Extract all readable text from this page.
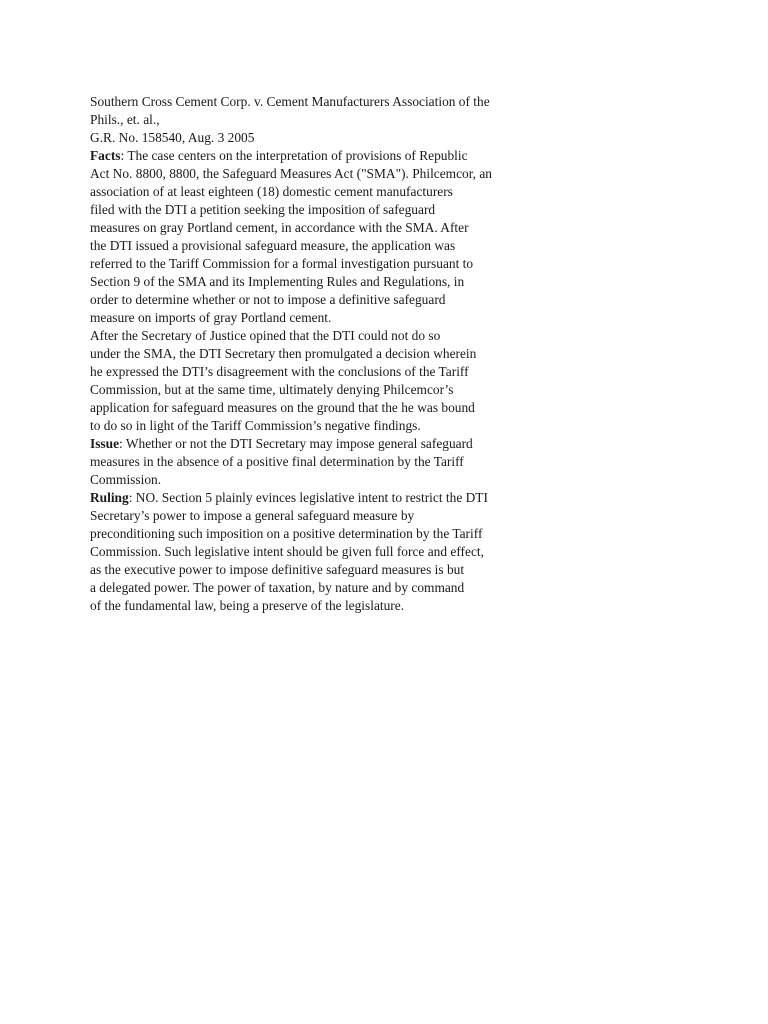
Southern Cross Cement Corp. v. Cement Manufacturers Association of the
Phils., et. al.,
G.R. No. 158540, Aug. 3 2005
Facts: The case centers on the interpretation of provisions of Republic
Act No. 8800, 8800, the Safeguard Measures Act ("SMA"). Philcemcor, an
association of at least eighteen (18) domestic cement manufacturers
filed with the DTI a petition seeking the imposition of safeguard
measures on gray Portland cement, in accordance with the SMA. After
the DTI issued a provisional safeguard measure, the application was
referred to the Tariff Commission for a formal investigation pursuant to
Section 9 of the SMA and its Implementing Rules and Regulations, in
order to determine whether or not to impose a definitive safeguard
measure on imports of gray Portland cement.
After the Secretary of Justice opined that the DTI could not do so
under the SMA, the DTI Secretary then promulgated a decision wherein
he expressed the DTI’s disagreement with the conclusions of the Tariff
Commission, but at the same time, ultimately denying Philcemcor’s
application for safeguard measures on the ground that the he was bound
to do so in light of the Tariff Commission’s negative findings.
Issue: Whether or not the DTI Secretary may impose general safeguard
measures in the absence of a positive final determination by the Tariff
Commission.
Ruling: NO. Section 5 plainly evinces legislative intent to restrict the DTI
Secretary’s power to impose a general safeguard measure by
preconditioning such imposition on a positive determination by the Tariff
Commission. Such legislative intent should be given full force and effect,
as the executive power to impose definitive safeguard measures is but
a delegated power. The power of taxation, by nature and by command
of the fundamental law, being a preserve of the legislature.
